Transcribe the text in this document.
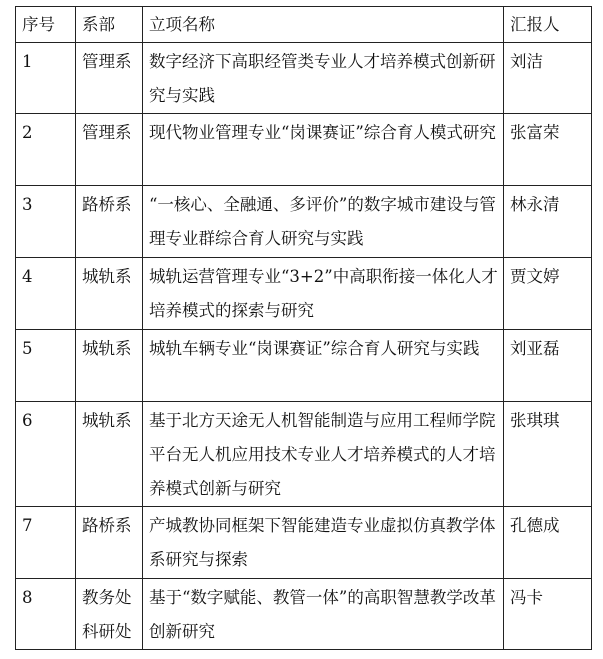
序号	系部	立项名称	汇报人
1	管理系	数字经济下高职经管类专业人才培养模式创新研究与实践	刘洁
2	管理系	现代物业管理专业“岗课赛证”综合育人模式研究	张富荣
3	路桥系	“一核心、全融通、多评价”的数字城市建设与管理专业群综合育人研究与实践	林永清
4	城轨系	城轨运营管理专业“3+2”中高职衔接一体化人才培养模式的探索与研究	贾文婷
5	城轨系	城轨车辆专业“岗课赛证”综合育人研究与实践	刘亚磊
6	城轨系	基于北方天途无人机智能制造与应用工程师学院平台无人机应用技术专业人才培养模式的人才培养模式创新与研究	张琪琪
7	路桥系	产城教协同框架下智能建造专业虚拟仿真教学体系研究与探索	孔德成
8	教务处科研处	基于“数字赋能、教管一体”的高职智慧教学改革创新研究	冯卡
